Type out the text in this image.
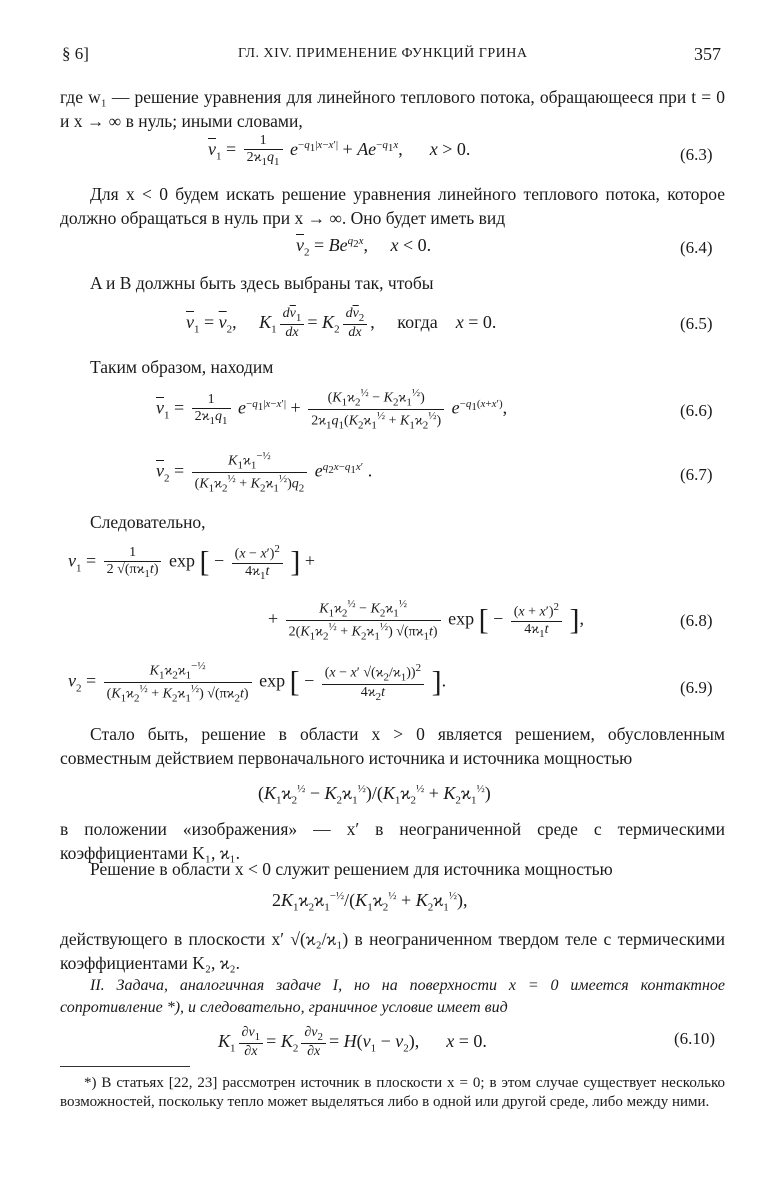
§ 6]	ГЛ. XIV. ПРИМЕНЕНИЕ ФУНКЦИЙ ГРИНА	357
где w₁ — решение уравнения для линейного теплового потока, обращающееся при t = 0 и x → ∞ в нуль; иными словами,
$\overline{v}_1 = \frac{1}{2ϰ_1q_1} e^{-q_1|x-x'|} + Ae^{-q_1x}$,      x > 0.	(6.3)
Для x < 0 будем искать решение уравнения линейного теплового потока, которое должно обращаться в нуль при x → ∞. Оно будет иметь вид
$\overline{v}_2 = Be^{q_2x}$,     x < 0.	(6.4)
A и B должны быть здесь выбраны так, чтобы
$\overline{v}_1 = \overline{v}_2$,     $K_1 \frac{d\overline{v}_1}{dx} = K_2 \frac{d\overline{v}_2}{dx}$ ,     когда x = 0.	(6.5)
Таким образом, находим
$\overline{v}_1 = \frac{1}{2ϰ_1q_1} e^{-q_1|x-x'|} + \frac{(K_1ϰ_2^{\frac{1}{2}} - K_2ϰ_1^{\frac{1}{2}})}{2ϰ_1q_1(K_2ϰ_1^{\frac{1}{2}} + K_1ϰ_2^{\frac{1}{2}})} e^{-q_1(x+x')}$,	(6.6)
$\overline{v}_2 = \frac{K_1ϰ_1^{-\frac{1}{2}}}{(K_1ϰ_2^{\frac{1}{2}} + K_2ϰ_1^{\frac{1}{2}})q_2} e^{q_2x-q_1x'}$ .	(6.7)
Следовательно,
$v_1 = \frac{1}{2 √(\pi ϰ_1t)}$ exp [ − $\frac{(x - x')^2}{4ϰ_1t}$ ] +
+ $\frac{K_1ϰ_2^{\frac{1}{2}} - K_2ϰ_1^{\frac{1}{2}}}{2(K_1ϰ_2^{\frac{1}{2}} + K_2ϰ_1^{\frac{1}{2}}) √(\pi ϰ_1t)}$ exp [ − $\frac{(x + x')^2}{4ϰ_1t}$ ],	(6.8)
$v_2 = \frac{K_1ϰ_2ϰ_1^{-\frac{1}{2}}}{(K_1ϰ_2^{\frac{1}{2}} + K_2ϰ_1^{\frac{1}{2}}) √(\pi ϰ_2t)}$ exp [ − $\frac{(x - x' √(ϰ_2/ϰ_1))^2}{4ϰ_2t}$ ].	(6.9)
Стало быть, решение в области x > 0 является решением, обусловленным совместным действием первоначального источника и источника мощностью
$(K_1ϰ_2^{\frac{1}{2}} - K_2ϰ_1^{\frac{1}{2}})/(K_1ϰ_2^{\frac{1}{2}} + K_2ϰ_1^{\frac{1}{2}})$
в положении «изображения» — x′ в неограниченной среде с термическими коэффициентами K₁, ϰ₁.
Решение в области x < 0 служит решением для источника мощностью
$2K_1ϰ_2ϰ_1^{-\frac{1}{2}}/(K_1ϰ_2^{\frac{1}{2}} + K_2ϰ_1^{\frac{1}{2}})$,
действующего в плоскости x′ √(ϰ₂/ϰ₁) в неограниченном твердом теле с термическими коэффициентами K₂, ϰ₂.
II. Задача, аналогичная задаче I, но на поверхности x = 0 имеется контактное сопротивление *), и следовательно, граничное условие имеет вид
$K_1 \frac{\partial v_1}{\partial x} = K_2 \frac{\partial v_2}{\partial x} = H(v_1 - v_2)$,      x = 0.	(6.10)
*) В статьях [22, 23] рассмотрен источник в плоскости x = 0; в этом случае существует несколько возможностей, поскольку тепло может выделяться либо в одной или другой среде, либо между ними.
